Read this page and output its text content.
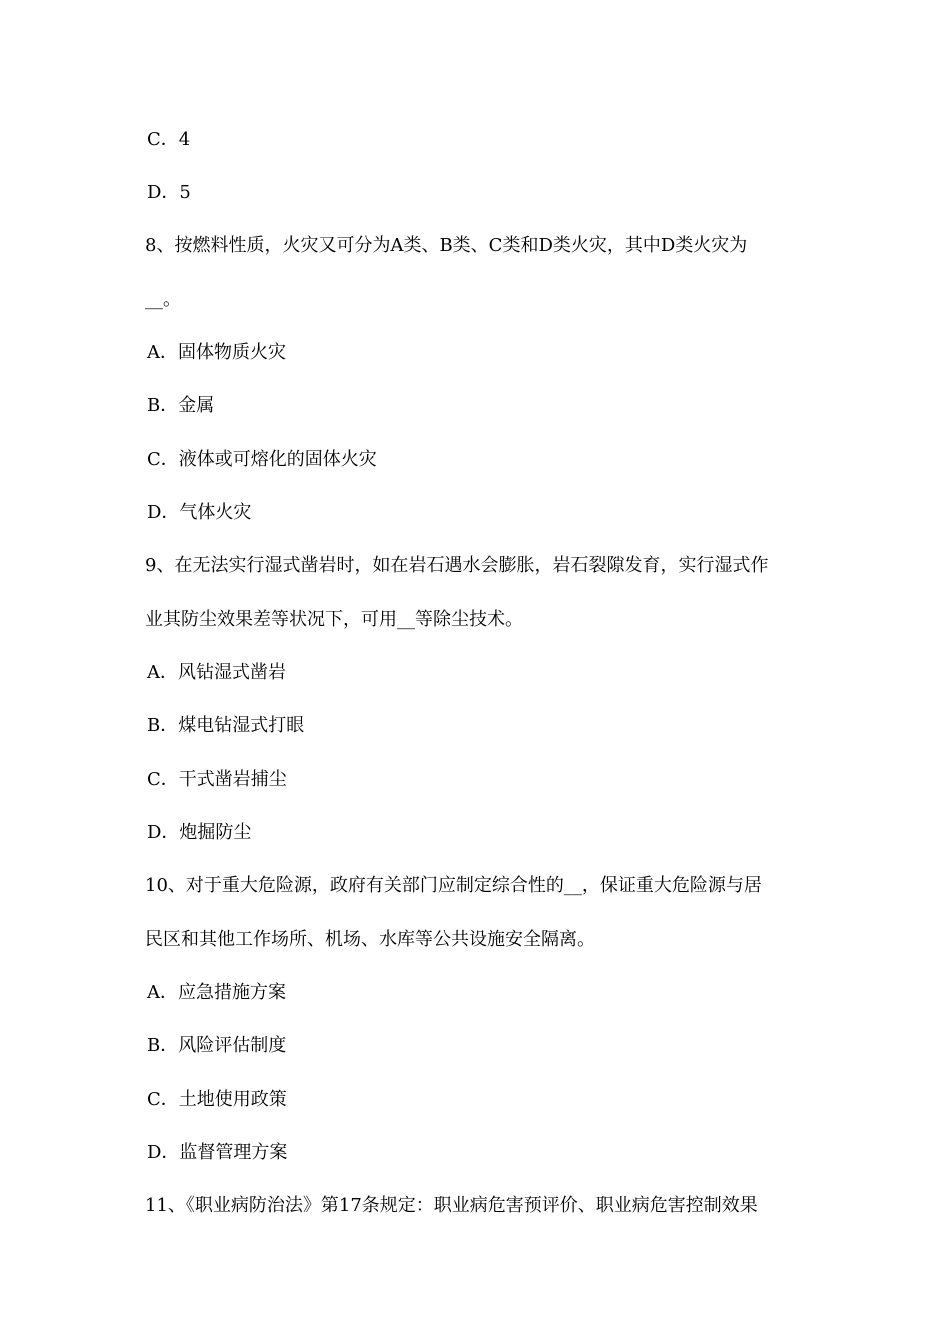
C．4
D．5
8、按燃料性质，火灾又可分为A类、B类、C类和D类火灾，其中D类火灾为
__。
A．固体物质火灾
B．金属
C．液体或可熔化的固体火灾
D．气体火灾
9、在无法实行湿式凿岩时，如在岩石遇水会膨胀，岩石裂隙发育，实行湿式作
业其防尘效果差等状况下，可用__等除尘技术。
A．风钻湿式凿岩
B．煤电钻湿式打眼
C．干式凿岩捕尘
D．炮掘防尘
10、对于重大危险源，政府有关部门应制定综合性的__，保证重大危险源与居
民区和其他工作场所、机场、水库等公共设施安全隔离。
A．应急措施方案
B．风险评估制度
C．土地使用政策
D．监督管理方案
11、《职业病防治法》第17条规定：职业病危害预评价、职业病危害控制效果
